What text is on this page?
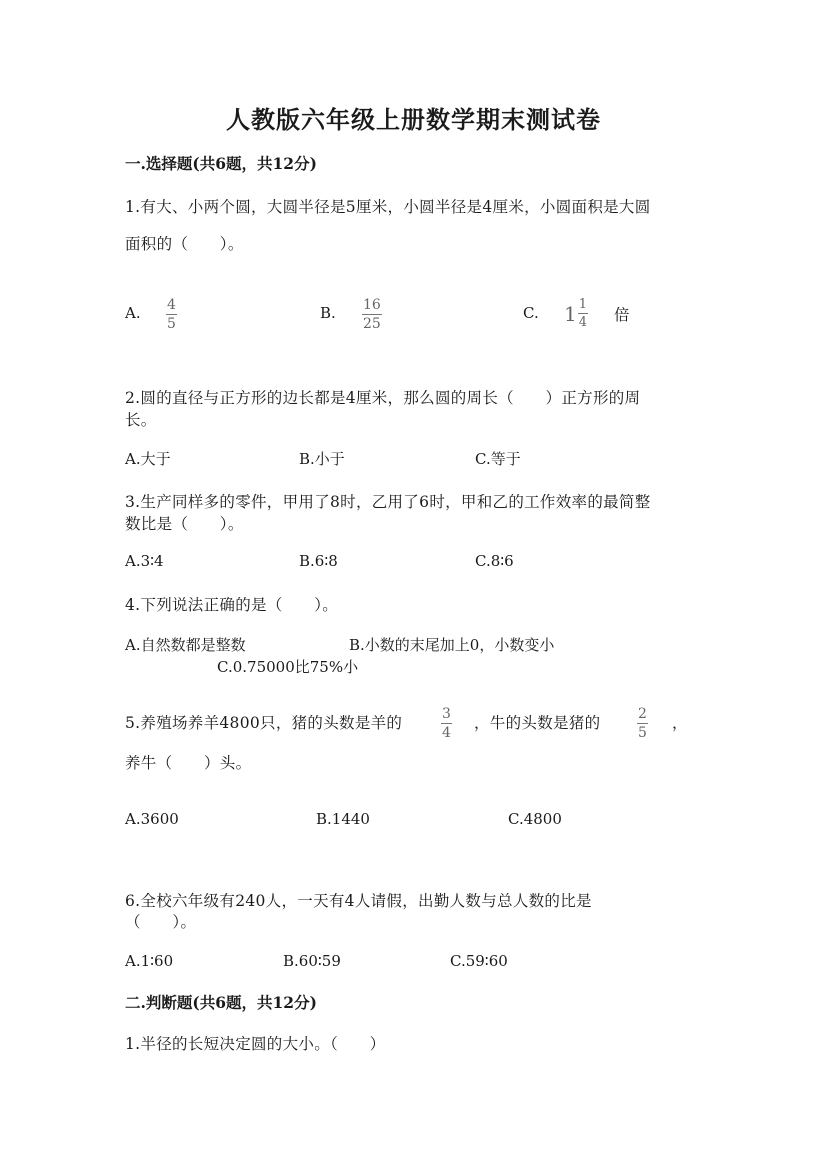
人教版六年级上册数学期末测试卷
一.选择题(共6题，共12分)
1.有大、小两个圆，大圆半径是5厘米，小圆半径是4厘米，小圆面积是大圆
面积的（　　）。
A. 4
5
B. 16
25
C. $1 \frac{1}{4}$ 倍
2.圆的直径与正方形的边长都是4厘米，那么圆的周长（　　）正方形的周
长。
A.大于	B.小于	C.等于
3.生产同样多的零件，甲用了8时，乙用了6时，甲和乙的工作效率的最简整
数比是（　　）。
A.3∶4	B.6∶8	C.8∶6
4.下列说法正确的是（　　）。
A.自然数都是整数	B.小数的末尾加上0，小数变小
C.0.75000比75%小
5.养殖场养羊4800只，猪的头数是羊的	3
4
，牛的头数是猪的	2
5
，
养牛（　　）头。
A.3600	B.1440	C.4800
6.全校六年级有240人，一天有4人请假，出勤人数与总人数的比是
（　　）。
A.1∶60	B.60∶59	C.59∶60
二.判断题(共6题，共12分)
1.半径的长短决定圆的大小。（　　）
